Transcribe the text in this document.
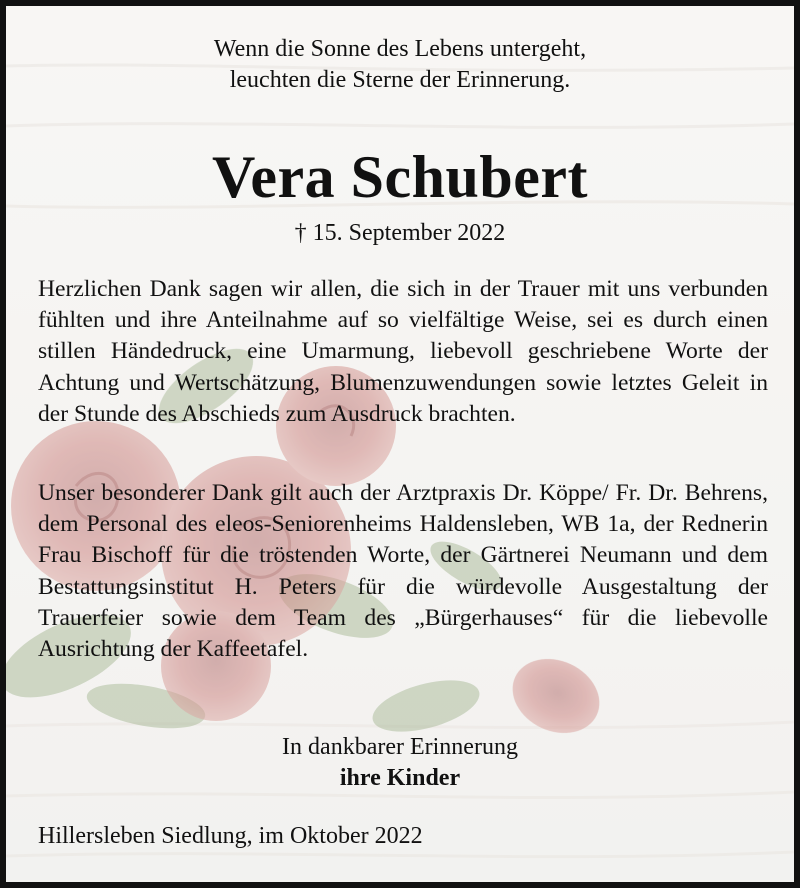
Wenn die Sonne des Lebens untergeht,
leuchten die Sterne der Erinnerung.
Vera Schubert
† 15. September 2022
Herzlichen Dank sagen wir allen, die sich in der Trauer mit uns verbunden fühlten und ihre Anteilnahme auf so vielfältige Weise, sei es durch einen stillen Händedruck, eine Umarmung, liebevoll geschriebene Worte der Achtung und Wertschätzung, Blumenzuwendungen sowie letztes Geleit in der Stunde des Abschieds zum Ausdruck brachten.
Unser besonderer Dank gilt auch der Arztpraxis Dr. Köppe/ Fr. Dr. Behrens, dem Personal des eleos-Seniorenheims Haldensleben, WB 1a, der Rednerin Frau Bischoff für die tröstenden Worte, der Gärtnerei Neumann und dem Bestattungsinstitut H. Peters für die würdevolle Ausgestaltung der Trauerfeier sowie dem Team des „Bürgerhauses“ für die liebevolle Ausrichtung der Kaffeetafel.
In dankbarer Erinnerung
ihre Kinder
Hillersleben Siedlung, im Oktober 2022
